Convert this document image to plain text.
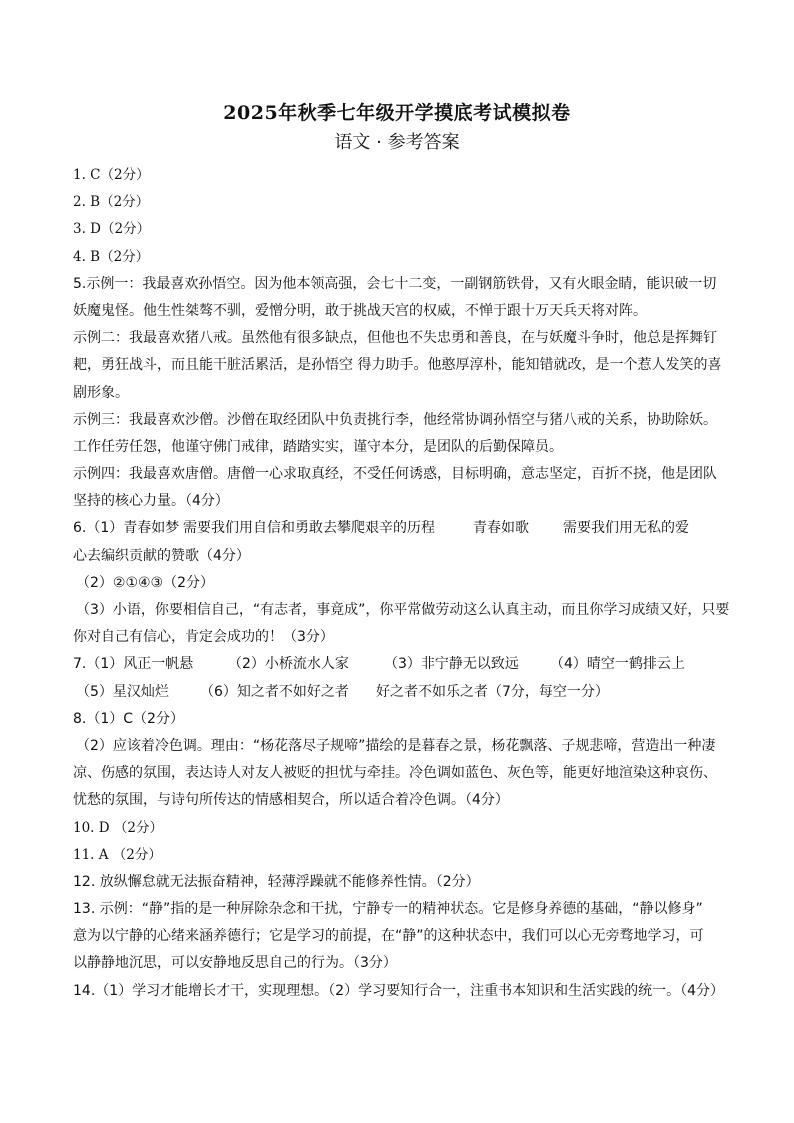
2025年秋季七年级开学摸底考试模拟卷
语文 · 参考答案
1. C（2分）
2. B（2分）
3. D（2分）
4. B（2分）
5.示例一：我最喜欢孙悟空。因为他本领高强，会七十二变，一副钢筋铁骨，又有火眼金睛，能识破一切
妖魔鬼怪。他生性桀骜不驯，爱憎分明，敢于挑战天宫的权威，不惮于跟十万天兵天将对阵。
示例二：我最喜欢猪八戒。虽然他有很多缺点，但他也不失忠勇和善良，在与妖魔斗争时，他总是挥舞钉
耙，勇狂战斗，而且能干脏活累活，是孙悟空 得力助手。他憨厚淳朴，能知错就改，是一个惹人发笑的喜
剧形象。
示例三：我最喜欢沙僧。沙僧在取经团队中负责挑行李，他经常协调孙悟空与猪八戒的关系，协助除妖。
工作任劳任怨，他谨守佛门戒律，踏踏实实，谨守本分，是团队的后勤保障员。
示例四：我最喜欢唐僧。唐僧一心求取真经，不受任何诱惑，目标明确，意志坚定，百折不挠，他是团队
坚持的核心力量。（4分）
6.（1）青春如梦 需要我们用自信和勇敢去攀爬艰辛的历程	青春如歌 需要我们用无私的爱
心去编织贡献的赞歌（4分）
（2）②①④③（2分）
（3）小语，你要相信自己，“有志者，事竟成”，你平常做劳动这么认真主动，而且你学习成绩又好，只要
你对自己有信心，肯定会成功的！（3分）
7.（1）风正一帆悬 （2）小桥流水人家	（3）非宁静无以致远 （4）晴空一鹤排云上
（5）星汉灿烂 （6）知之者不如好之者 好之者不如乐之者（7分，每空一分）
8.（1）C（2分）
（2）应该着冷色调。理由：“杨花落尽子规啼”描绘的是暮春之景，杨花飘落、子规悲啼，营造出一种凄
凉、伤感的氛围，表达诗人对友人被贬的担忧与牵挂。冷色调如蓝色、灰色等，能更好地渲染这种哀伤、
忧愁的氛围，与诗句所传达的情感相契合，所以适合着冷色调。（4分）
10. D （2分）
11. A （2分）
12. 放纵懈怠就无法振奋精神，轻薄浮躁就不能修养性情。（2分）
13. 示例：“静”指的是一种屏除杂念和干扰，宁静专一的精神状态。它是修身养德的基础，“静以修身”
意为以宁静的心绪来涵养德行；它是学习的前提，在“静”的这种状态中，我们可以心无旁骛地学习，可
以静静地沉思，可以安静地反思自己的行为。（3分）
14.（1）学习才能增长才干，实现理想。（2）学习要知行合一，注重书本知识和生活实践的统一。（4分）
